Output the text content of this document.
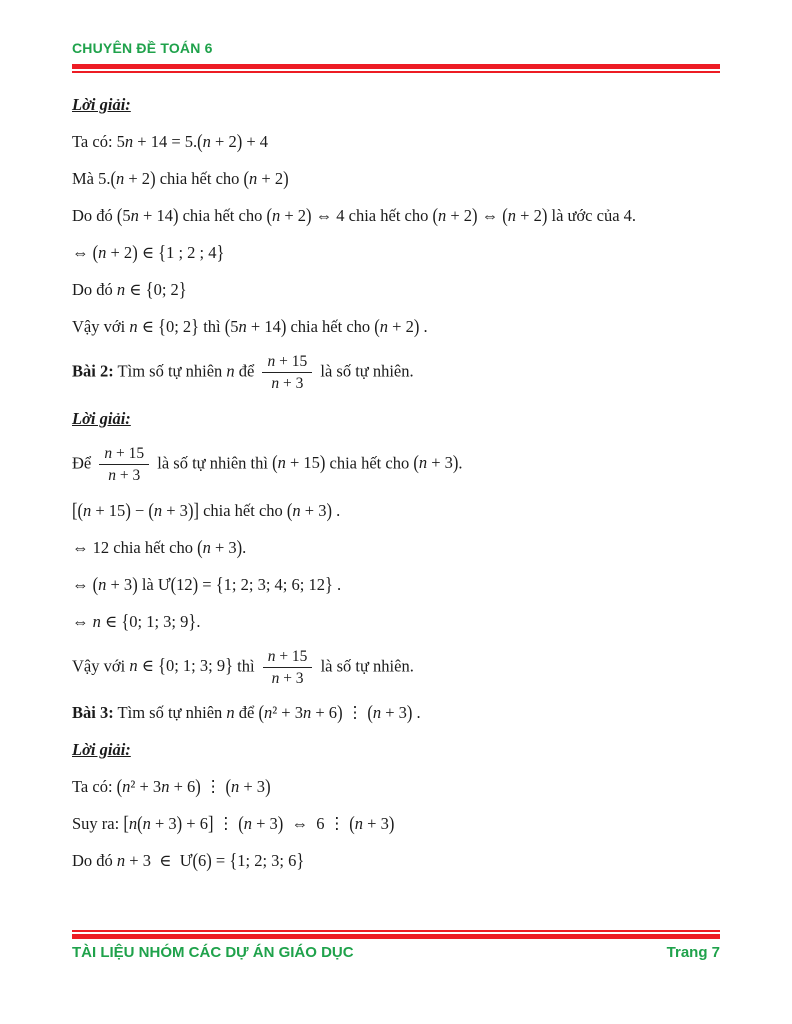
CHUYÊN ĐỀ TOÁN 6
Lời giải:
Ta có: 5n + 14 = 5.(n + 2) + 4
Mà 5.(n + 2) chia hết cho (n + 2)
Do đó (5n + 14) chia hết cho (n + 2) ⇔ 4 chia hết cho (n + 2) ⇔ (n + 2) là ước của 4.
⇔ (n + 2) ∈ {1 ; 2 ; 4}
Do đó n ∈ {0; 2}
Vậy với n ∈ {0; 2} thì (5n + 14) chia hết cho (n + 2) .
Bài 2: Tìm số tự nhiên n để $\frac{n + 15}{n + 3}$ là số tự nhiên.
Lời giải:
Để $\frac{n + 15}{n + 3}$ là số tự nhiên thì (n + 15) chia hết cho (n + 3).
[(n + 15) − (n + 3)] chia hết cho (n + 3) .
⇔ 12 chia hết cho (n + 3).
⇔ (n + 3) là Ư(12) = {1; 2; 3; 4; 6; 12} .
⇔ n ∈ {0; 1; 3; 9}.
Vậy với n ∈ {0; 1; 3; 9} thì $\frac{n + 15}{n + 3}$ là số tự nhiên.
Bài 3: Tìm số tự nhiên n để (n² + 3n + 6) ⋮ (n + 3) .
Lời giải:
Ta có: (n² + 3n + 6) ⋮ (n + 3)
Suy ra: [n(n + 3) + 6] ⋮ (n + 3)  ⇔  6 ⋮ (n + 3)
Do đó n + 3  ∈  Ư(6) = {1; 2; 3; 6}
TÀI LIỆU NHÓM CÁC DỰ ÁN GIÁO DỤC	Trang 7
